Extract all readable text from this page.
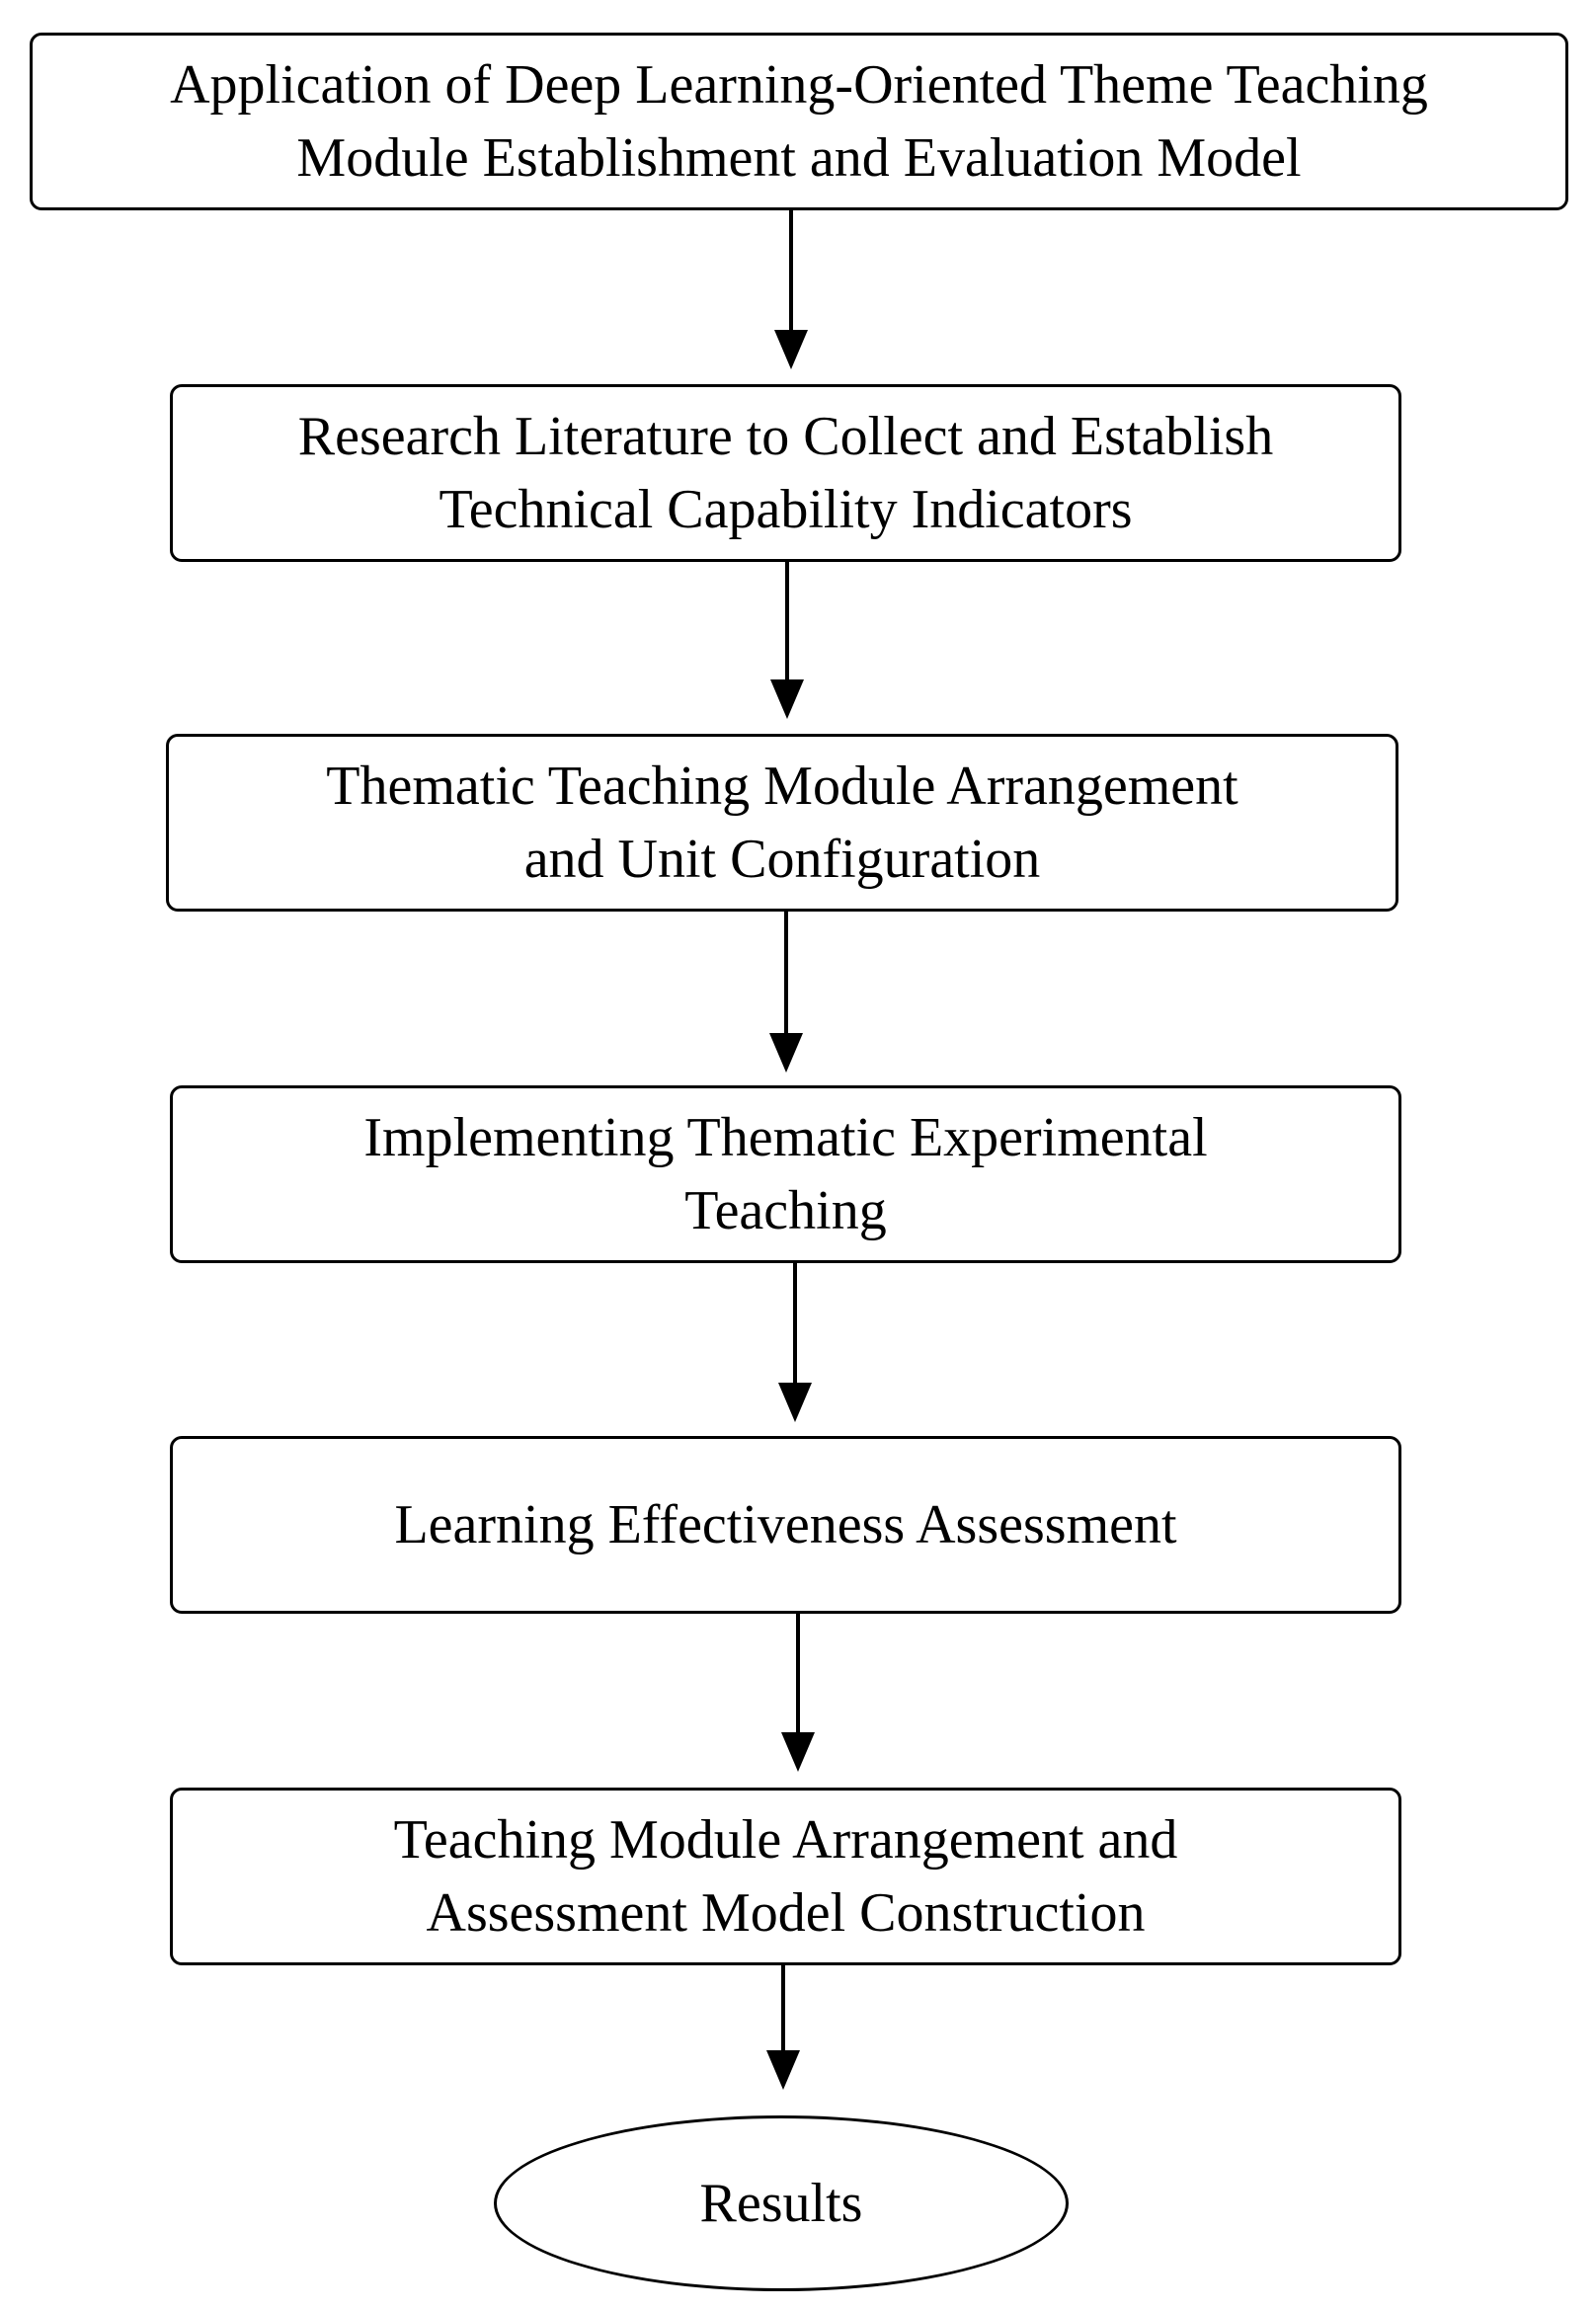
Application of Deep Learning-Oriented Theme Teaching
Module Establishment and Evaluation Model
Research Literature to Collect and Establish
Technical Capability Indicators
Thematic Teaching Module Arrangement
and Unit Configuration
Implementing Thematic Experimental
Teaching
Learning Effectiveness Assessment
Teaching Module Arrangement and
Assessment Model Construction
Results
